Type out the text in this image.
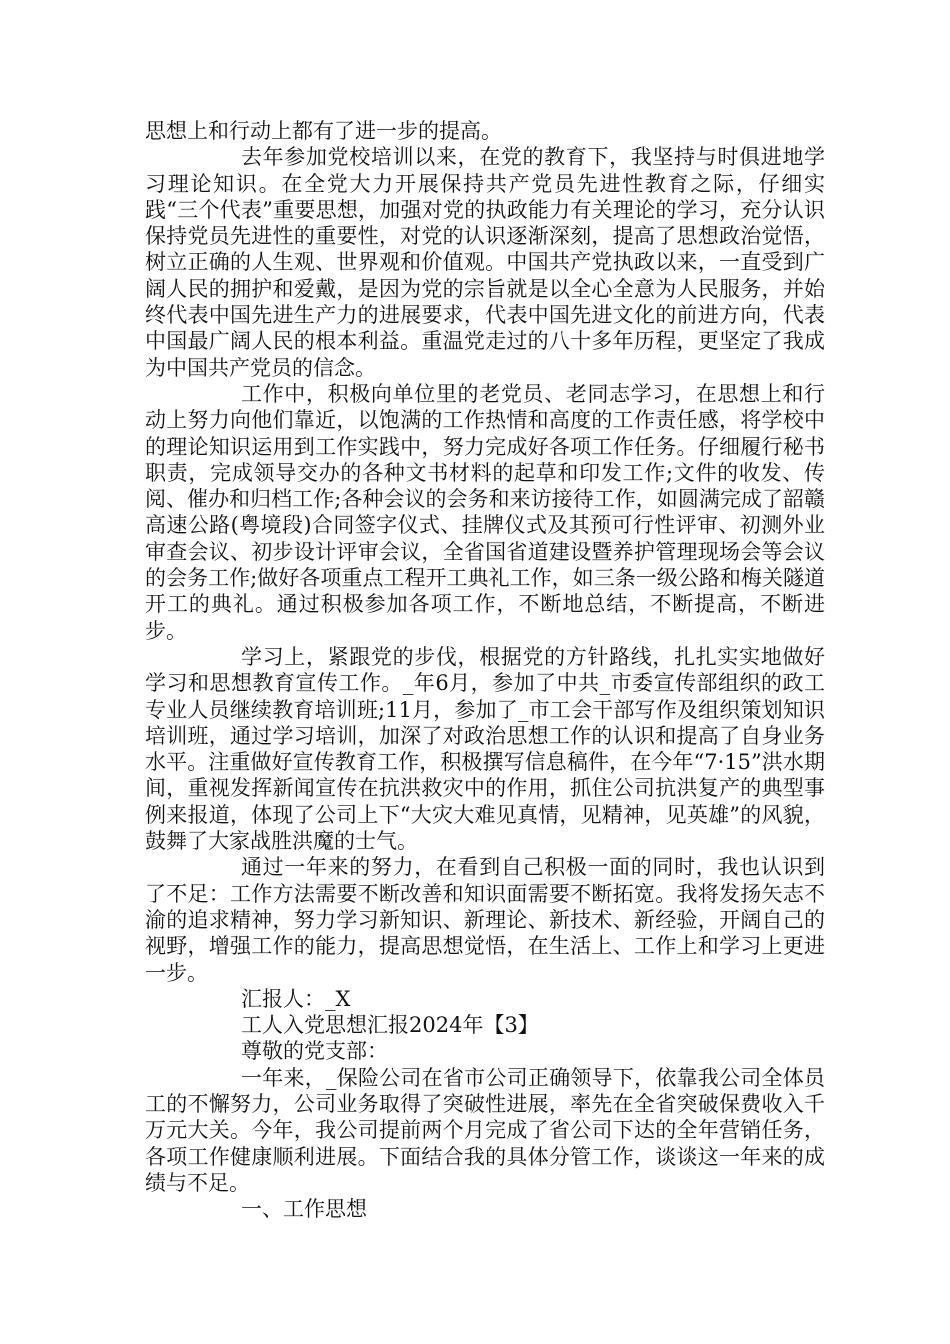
思想上和行动上都有了进一步的提高。

去年参加党校培训以来，在党的教育下，我坚持与时俱进地学习理论知识。在全党大力开展保持共产党员先进性教育之际，仔细实践“三个代表”重要思想，加强对党的执政能力有关理论的学习，充分认识保持党员先进性的重要性，对党的认识逐渐深刻，提高了思想政治觉悟，树立正确的人生观、世界观和价值观。中国共产党执政以来，一直受到广阔人民的拥护和爱戴，是因为党的宗旨就是以全心全意为人民服务，并始终代表中国先进生产力的进展要求，代表中国先进文化的前进方向，代表中国最广阔人民的根本利益。重温党走过的八十多年历程，更坚定了我成为中国共产党员的信念。

工作中，积极向单位里的老党员、老同志学习，在思想上和行动上努力向他们靠近，以饱满的工作热情和高度的工作责任感，将学校中的理论知识运用到工作实践中，努力完成好各项工作任务。仔细履行秘书职责，完成领导交办的各种文书材料的起草和印发工作;文件的收发、传阅、催办和归档工作;各种会议的会务和来访接待工作，如圆满完成了韶赣高速公路(粤境段)合同签字仪式、挂牌仪式及其预可行性评审、初测外业审查会议、初步设计评审会议，全省国省道建设暨养护管理现场会等会议的会务工作;做好各项重点工程开工典礼工作，如三条一级公路和梅关隧道开工的典礼。通过积极参加各项工作，不断地总结，不断提高，不断进步。

学习上，紧跟党的步伐，根据党的方针路线，扎扎实实地做好学习和思想教育宣传工作。_年6月，参加了中共_市委宣传部组织的政工专业人员继续教育培训班;11月，参加了_市工会干部写作及组织策划知识培训班，通过学习培训，加深了对政治思想工作的认识和提高了自身业务水平。注重做好宣传教育工作，积极撰写信息稿件，在今年“7·15”洪水期间，重视发挥新闻宣传在抗洪救灾中的作用，抓住公司抗洪复产的典型事例来报道，体现了公司上下“大灾大难见真情，见精神，见英雄”的风貌，鼓舞了大家战胜洪魔的士气。

通过一年来的努力，在看到自己积极一面的同时，我也认识到了不足：工作方法需要不断改善和知识面需要不断拓宽。我将发扬矢志不渝的追求精神，努力学习新知识、新理论、新技术、新经验，开阔自己的视野，增强工作的能力，提高思想觉悟，在生活上、工作上和学习上更进一步。

汇报人：_X

工人入党思想汇报2024年【3】

尊敬的党支部：

一年来，_保险公司在省市公司正确领导下，依靠我公司全体员工的不懈努力，公司业务取得了突破性进展，率先在全省突破保费收入千万元大关。今年，我公司提前两个月完成了省公司下达的全年营销任务，各项工作健康顺利进展。下面结合我的具体分管工作，谈谈这一年来的成绩与不足。

一、工作思想
